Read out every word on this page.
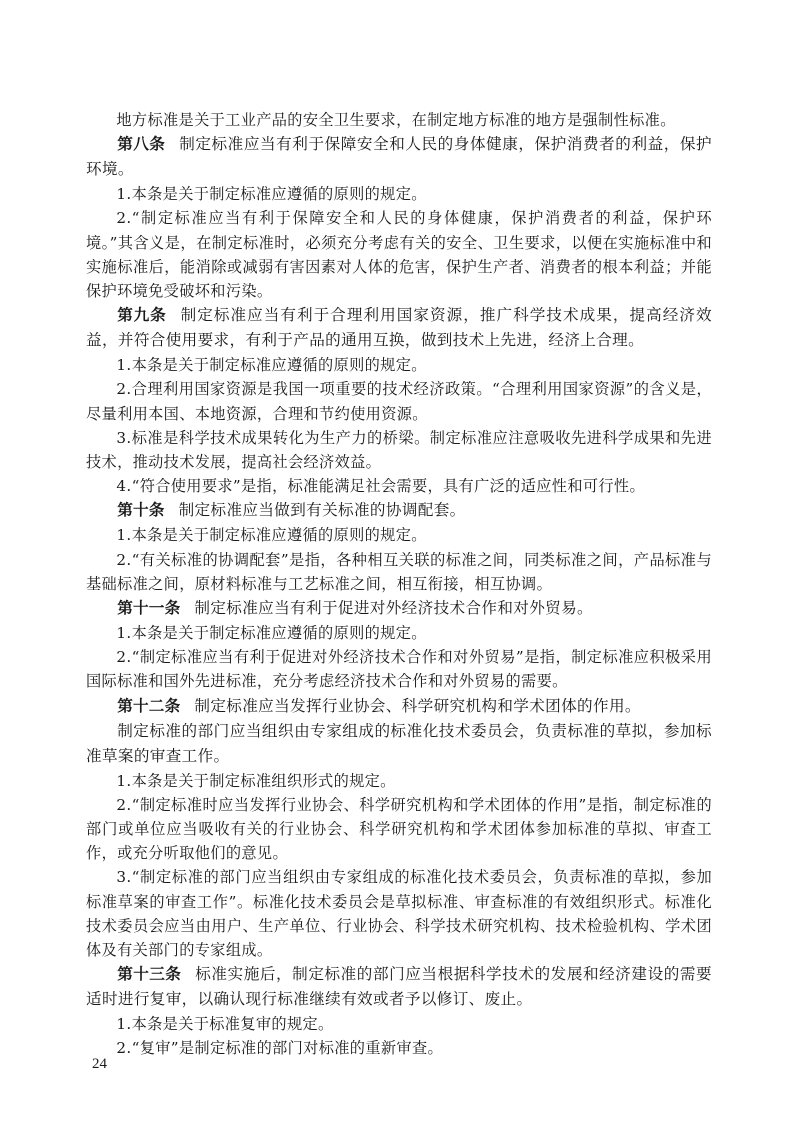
地方标准是关于工业产品的安全卫生要求，在制定地方标准的地方是强制性标准。

第八条 制定标准应当有利于保障安全和人民的身体健康，保护消费者的利益，保护环境。

1.本条是关于制定标准应遵循的原则的规定。

2.“制定标准应当有利于保障安全和人民的身体健康，保护消费者的利益，保护环境。”其含义是，在制定标准时，必须充分考虑有关的安全、卫生要求，以便在实施标准中和实施标准后，能消除或减弱有害因素对人体的危害，保护生产者、消费者的根本利益；并能保护环境免受破坏和污染。

第九条 制定标准应当有利于合理利用国家资源，推广科学技术成果，提高经济效益，并符合使用要求，有利于产品的通用互换，做到技术上先进，经济上合理。

1.本条是关于制定标准应遵循的原则的规定。

2.合理利用国家资源是我国一项重要的技术经济政策。“合理利用国家资源”的含义是，尽量利用本国、本地资源，合理和节约使用资源。

3.标准是科学技术成果转化为生产力的桥梁。制定标准应注意吸收先进科学成果和先进技术，推动技术发展，提高社会经济效益。

4.“符合使用要求”是指，标准能满足社会需要，具有广泛的适应性和可行性。

第十条 制定标准应当做到有关标准的协调配套。

1.本条是关于制定标准应遵循的原则的规定。

2.“有关标准的协调配套”是指，各种相互关联的标准之间，同类标准之间，产品标准与基础标准之间，原材料标准与工艺标准之间，相互衔接，相互协调。

第十一条 制定标准应当有利于促进对外经济技术合作和对外贸易。

1.本条是关于制定标准应遵循的原则的规定。

2.“制定标准应当有利于促进对外经济技术合作和对外贸易”是指，制定标准应积极采用国际标准和国外先进标准，充分考虑经济技术合作和对外贸易的需要。

第十二条 制定标准应当发挥行业协会、科学研究机构和学术团体的作用。

制定标准的部门应当组织由专家组成的标准化技术委员会，负责标准的草拟，参加标准草案的审查工作。

1.本条是关于制定标准组织形式的规定。

2.“制定标准时应当发挥行业协会、科学研究机构和学术团体的作用”是指，制定标准的部门或单位应当吸收有关的行业协会、科学研究机构和学术团体参加标准的草拟、审查工作，或充分听取他们的意见。

3.“制定标准的部门应当组织由专家组成的标准化技术委员会，负责标准的草拟，参加标准草案的审查工作”。标准化技术委员会是草拟标准、审查标准的有效组织形式。标准化技术委员会应当由用户、生产单位、行业协会、科学技术研究机构、技术检验机构、学术团体及有关部门的专家组成。

第十三条 标准实施后，制定标准的部门应当根据科学技术的发展和经济建设的需要适时进行复审，以确认现行标准继续有效或者予以修订、废止。

1.本条是关于标准复审的规定。

2.“复审”是制定标准的部门对标准的重新审查。

24
